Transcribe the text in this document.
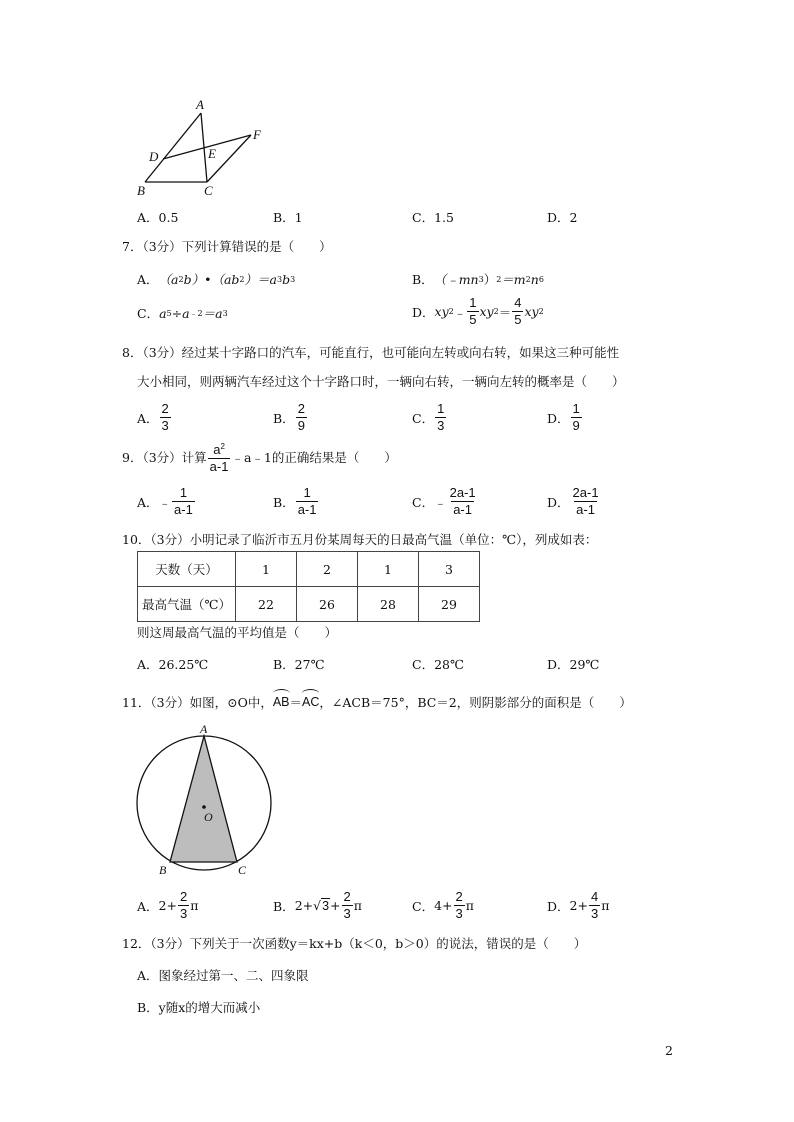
A
D	E
F
B	C
A．0.5	B．1	C．1.5	D．2
7．（3分）下列计算错误的是（　　）
A． （a 2 b）•（ab 2 ）＝a 3 b 3	B． （﹣mn 3 ） 2 ＝m 2 n 6
C． a 5 ÷a ﹣2 ＝a 3	D． xy 2 ﹣ $\frac{1}{5}$ xy $2 = \frac{4}{5}$ xy 2
8．（3分）经过某十字路口的汽车，可能直行，也可能向左转或向右转，如果这三种可能性
大小相同，则两辆汽车经过这个十字路口时，一辆向右转，一辆向左转的概率是（　　）
A． $\frac{2}{3}$	B． $\frac{2}{9}$	C． $\frac{1}{3}$	D． $\frac{1}{9}$
9．（3分）计算 $\frac{a^2}{a-1}$ ﹣a﹣1的正确结果是（　　）
A． ﹣ $\frac{1}{a-1}$	B． $\frac{1}{a-1}$	C． ﹣ $\frac{2a-1}{a-1}$	D． $\frac{2a-1}{a-1}$
10．（3分）小明记录了临沂市五月份某周每天的日最高气温（单位：℃），列成如表：
天数（天）	1	2	1	3
最高气温（℃）	22	26	28	29
则这周最高气温的平均值是（　　）
A．26.25℃	B．27℃	C．28℃	D．29℃
11．（3分）如图，⊙O中， AB ＝ AC ，∠ACB＝75°，BC＝2，则阴影部分的面积是（　　）
A
O
B	C
A． $2+ \frac{2}{3}$ π	B． 2+ √ $3 + \frac{2}{3}$ π	C． $4+ \frac{2}{3}$ π	D． $2+ \frac{4}{3}$ π
12．（3分）下列关于一次函数y＝kx+b（k＜0，b＞0）的说法，错误的是（　　）
A．图象经过第一、二、四象限
B．y随x的增大而减小
2
